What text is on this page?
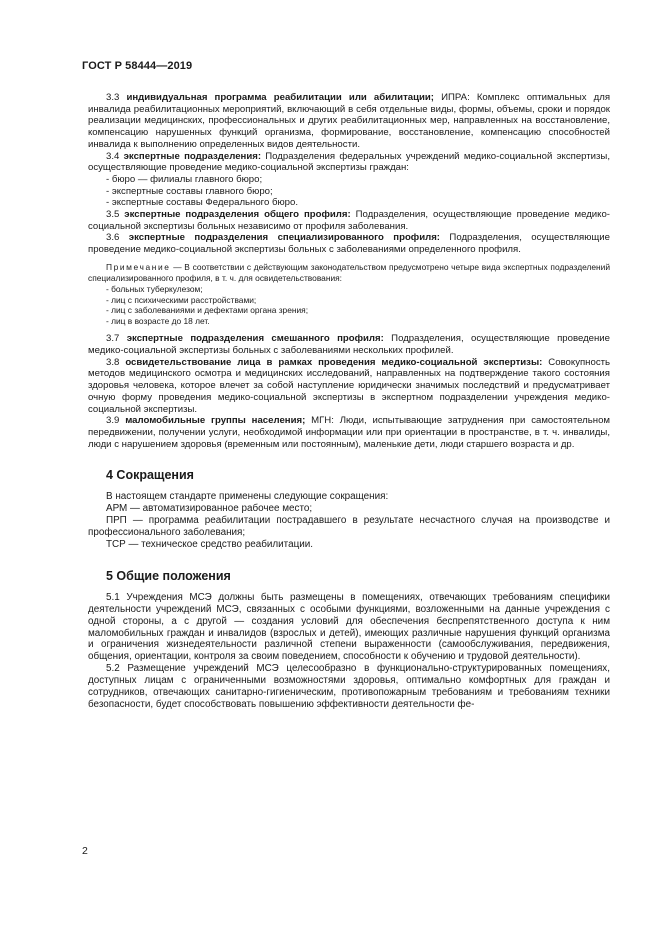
ГОСТ Р 58444—2019

3.3 индивидуальная программа реабилитации или абилитации; ИПРА: Комплекс оптимальных для инвалида реабилитационных мероприятий, включающий в себя отдельные виды, формы, объемы, сроки и порядок реализации медицинских, профессиональных и других реабилитационных мер, направленных на восстановление, компенсацию нарушенных функций организма, формирование, восстановление, компенсацию способностей инвалида к выполнению определенных видов деятельности.

3.4 экспертные подразделения: Подразделения федеральных учреждений медико-социальной экспертизы, осуществляющие проведение медико-социальной экспертизы граждан:

- бюро — филиалы главного бюро;
- экспертные составы главного бюро;
- экспертные составы Федерального бюро.

3.5 экспертные подразделения общего профиля: Подразделения, осуществляющие проведение медико-социальной экспертизы больных независимо от профиля заболевания.

3.6 экспертные подразделения специализированного профиля: Подразделения, осуществляющие проведение медико-социальной экспертизы больных с заболеваниями определенного профиля.

Примечание — В соответствии с действующим законодательством предусмотрено четыре вида экспертных подразделений специализированного профиля, в т. ч. для освидетельствования:

- больных туберкулезом;
- лиц с психическими расстройствами;
- лиц с заболеваниями и дефектами органа зрения;
- лиц в возрасте до 18 лет.

3.7 экспертные подразделения смешанного профиля: Подразделения, осуществляющие проведение медико-социальной экспертизы больных с заболеваниями нескольких профилей.

3.8 освидетельствование лица в рамках проведения медико-социальной экспертизы: Совокупность методов медицинского осмотра и медицинских исследований, направленных на подтверждение такого состояния здоровья человека, которое влечет за собой наступление юридически значимых последствий и предусматривает очную форму проведения медико-социальной экспертизы в экспертном подразделении учреждения медико-социальной экспертизы.

3.9 маломобильные группы населения; МГН: Люди, испытывающие затруднения при самостоятельном передвижении, получении услуги, необходимой информации или при ориентации в пространстве, в т. ч. инвалиды, люди с нарушением здоровья (временным или постоянным), маленькие дети, люди старшего возраста и др.

4 Сокращения

В настоящем стандарте применены следующие сокращения:

АРМ — автоматизированное рабочее место;

ПРП — программа реабилитации пострадавшего в результате несчастного случая на производстве и профессионального заболевания;

ТСР — техническое средство реабилитации.

5 Общие положения

5.1 Учреждения МСЭ должны быть размещены в помещениях, отвечающих требованиям специфики деятельности учреждений МСЭ, связанных с особыми функциями, возложенными на данные учреждения с одной стороны, а с другой — создания условий для обеспечения беспрепятственного доступа к ним маломобильных граждан и инвалидов (взрослых и детей), имеющих различные нарушения функций организма и ограничения жизнедеятельности различной степени выраженности (самообслуживания, передвижения, общения, ориентации, контроля за своим поведением, способности к обучению и трудовой деятельности).

5.2 Размещение учреждений МСЭ целесообразно в функционально-структурированных помещениях, доступных лицам с ограниченными возможностями здоровья, оптимально комфортных для граждан и сотрудников, отвечающих санитарно-гигиеническим, противопожарным требованиям и требованиям техники безопасности, будет способствовать повышению эффективности деятельности фе-

2
